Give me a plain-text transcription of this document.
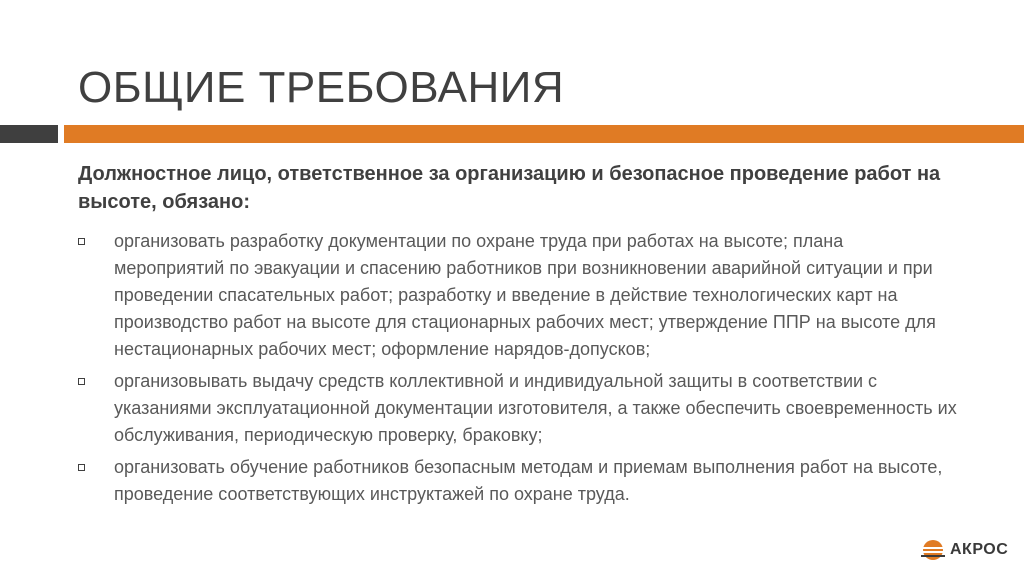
ОБЩИЕ ТРЕБОВАНИЯ

Должностное лицо, ответственное за организацию и безопасное проведение работ на высоте, обязано:

организовать разработку документации по охране труда при работах на высоте; плана мероприятий по эвакуации и спасению работников при возникновении аварийной ситуации и при проведении спасательных работ; разработку и введение в действие технологических карт на производство работ на высоте для стационарных рабочих мест; утверждение ППР на высоте для нестационарных рабочих мест; оформление нарядов-допусков;
организовывать выдачу средств коллективной и индивидуальной защиты в соответствии с указаниями эксплуатационной документации изготовителя, а также обеспечить своевременность их обслуживания, периодическую проверку, браковку;
организовать обучение работников безопасным методам и приемам выполнения работ на высоте, проведение соответствующих инструктажей по охране труда.
АКРОС
